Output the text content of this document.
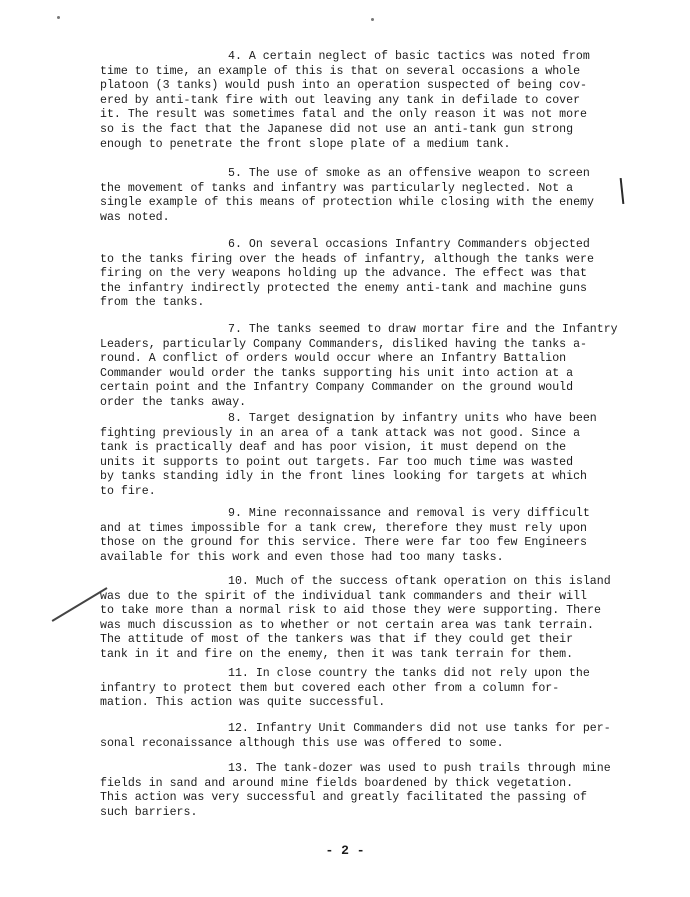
4. A certain neglect of basic tactics was noted from
time to time, an example of this is that on several occasions a whole
platoon (3 tanks) would push into an operation suspected of being cov-
ered by anti-tank fire with out leaving any tank in defilade to cover
it. The result was sometimes fatal and the only reason it was not more
so is the fact that the Japanese did not use an anti-tank gun strong
enough to penetrate the front slope plate of a medium tank.
5. The use of smoke as an offensive weapon to screen
the movement of tanks and infantry was particularly neglected. Not a
single example of this means of protection while closing with the enemy
was noted.
6. On several occasions Infantry Commanders objected
to the tanks firing over the heads of infantry, although the tanks were
firing on the very weapons holding up the advance. The effect was that
the infantry indirectly protected the enemy anti-tank and machine guns
from the tanks.
7. The tanks seemed to draw mortar fire and the Infantry
Leaders, particularly Company Commanders, disliked having the tanks a-
round. A conflict of orders would occur where an Infantry Battalion
Commander would order the tanks supporting his unit into action at a
certain point and the Infantry Company Commander on the ground would
order the tanks away.
8. Target designation by infantry units who have been
fighting previously in an area of a tank attack was not good. Since a
tank is practically deaf and has poor vision, it must depend on the
units it supports to point out targets. Far too much time was wasted
by tanks standing idly in the front lines looking for targets at which
to fire.
9. Mine reconnaissance and removal is very difficult
and at times impossible for a tank crew, therefore they must rely upon
those on the ground for this service. There were far too few Engineers
available for this work and even those had too many tasks.
10. Much of the success oftank operation on this island
was due to the spirit of the individual tank commanders and their will
to take more than a normal risk to aid those they were supporting. There
was much discussion as to whether or not certain area was tank terrain.
The attitude of most of the tankers was that if they could get their
tank in it and fire on the enemy, then it was tank terrain for them.
11. In close country the tanks did not rely upon the
infantry to protect them but covered each other from a column for-
mation. This action was quite successful.
12. Infantry Unit Commanders did not use tanks for per-
sonal reconaissance although this use was offered to some.
13. The tank-dozer was used to push trails through mine
fields in sand and around mine fields boardened by thick vegetation.
This action was very successful and greatly facilitated the passing of
such barriers.
- 2 -
